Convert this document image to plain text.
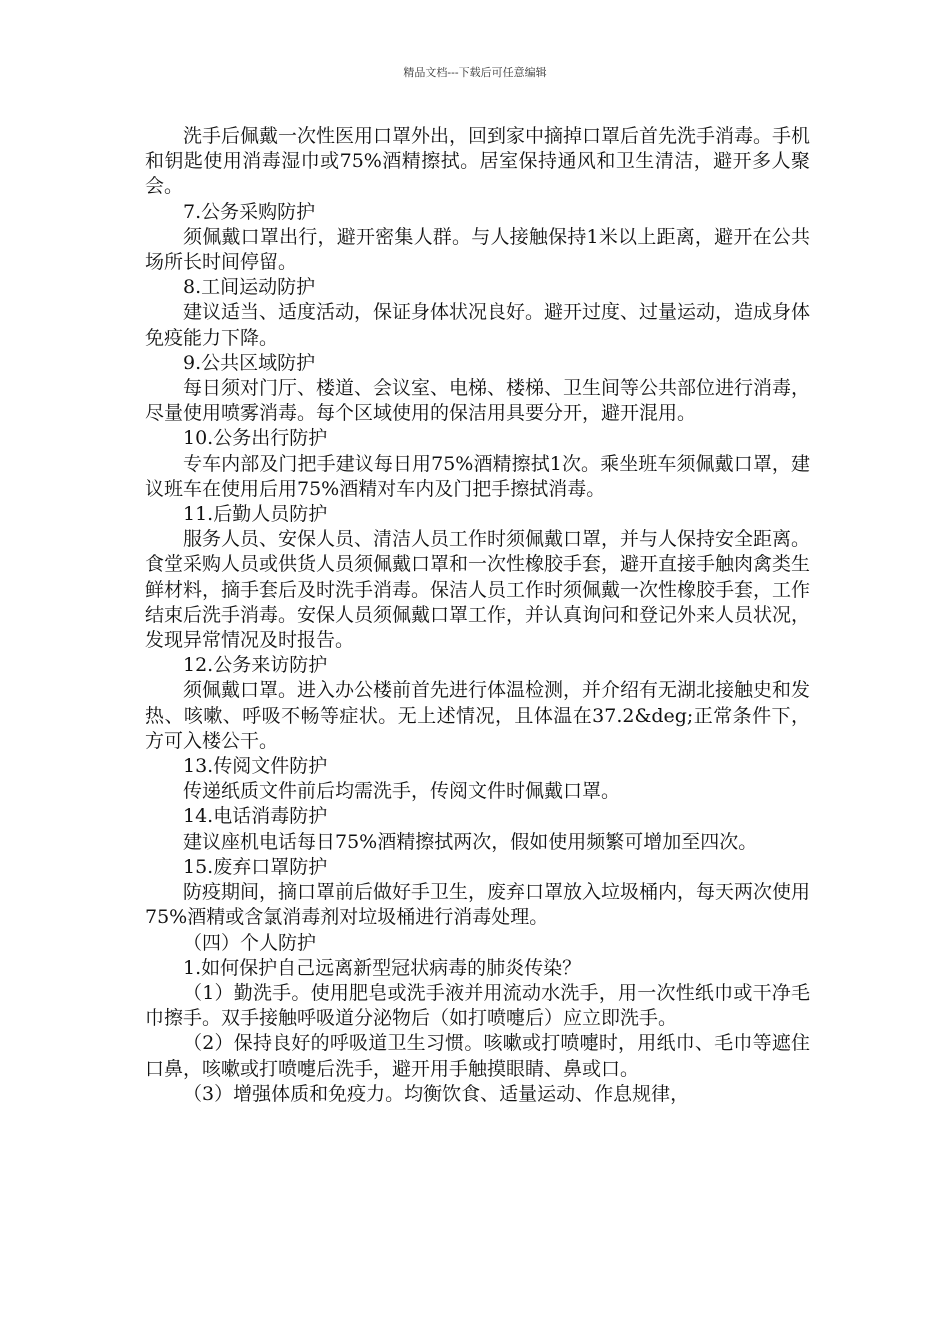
精品文档---下载后可任意编辑

洗手后佩戴一次性医用口罩外出，回到家中摘掉口罩后首先洗手消毒。手机和钥匙使用消毒湿巾或75%酒精擦拭。居室保持通风和卫生清洁，避开多人聚会。

7.公务采购防护

须佩戴口罩出行，避开密集人群。与人接触保持1米以上距离，避开在公共场所长时间停留。

8.工间运动防护

建议适当、适度活动，保证身体状况良好。避开过度、过量运动，造成身体免疫能力下降。

9.公共区域防护

每日须对门厅、楼道、会议室、电梯、楼梯、卫生间等公共部位进行消毒，尽量使用喷雾消毒。每个区域使用的保洁用具要分开，避开混用。

10.公务出行防护

专车内部及门把手建议每日用75%酒精擦拭1次。乘坐班车须佩戴口罩，建议班车在使用后用75%酒精对车内及门把手擦拭消毒。

11.后勤人员防护

服务人员、安保人员、清洁人员工作时须佩戴口罩，并与人保持安全距离。食堂采购人员或供货人员须佩戴口罩和一次性橡胶手套，避开直接手触肉禽类生鲜材料，摘手套后及时洗手消毒。保洁人员工作时须佩戴一次性橡胶手套，工作结束后洗手消毒。安保人员须佩戴口罩工作，并认真询问和登记外来人员状况，发现异常情况及时报告。

12.公务来访防护

须佩戴口罩。进入办公楼前首先进行体温检测，并介绍有无湖北接触史和发热、咳嗽、呼吸不畅等症状。无上述情况，且体温在37.2&deg;正常条件下，方可入楼公干。

13.传阅文件防护

传递纸质文件前后均需洗手，传阅文件时佩戴口罩。

14.电话消毒防护

建议座机电话每日75%酒精擦拭两次，假如使用频繁可增加至四次。

15.废弃口罩防护

防疫期间，摘口罩前后做好手卫生，废弃口罩放入垃圾桶内，每天两次使用75%酒精或含氯消毒剂对垃圾桶进行消毒处理。

（四）个人防护

1.如何保护自己远离新型冠状病毒的肺炎传染？

（1）勤洗手。使用肥皂或洗手液并用流动水洗手，用一次性纸巾或干净毛巾擦手。双手接触呼吸道分泌物后（如打喷嚏后）应立即洗手。

（2）保持良好的呼吸道卫生习惯。咳嗽或打喷嚏时，用纸巾、毛巾等遮住口鼻，咳嗽或打喷嚏后洗手，避开用手触摸眼睛、鼻或口。

（3）增强体质和免疫力。均衡饮食、适量运动、作息规律，
